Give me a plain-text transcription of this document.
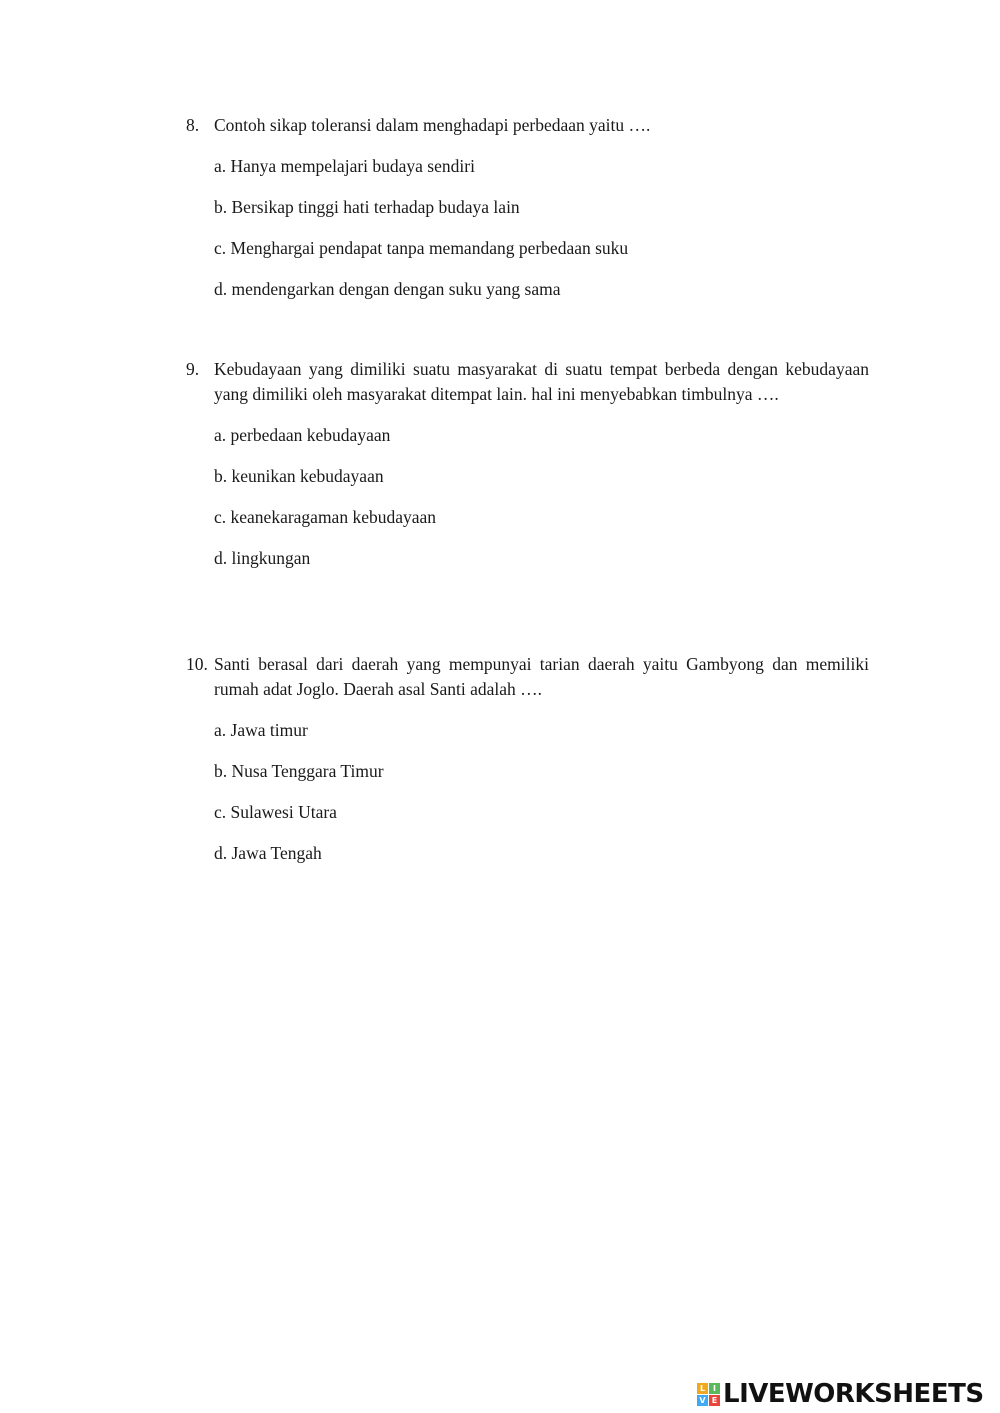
8. Contoh sikap toleransi dalam menghadapi perbedaan yaitu ….
a. Hanya mempelajari budaya sendiri
b. Bersikap tinggi hati terhadap budaya lain
c. Menghargai pendapat tanpa memandang perbedaan suku
d. mendengarkan dengan dengan suku yang sama
9. Kebudayaan yang dimiliki suatu masyarakat di suatu tempat berbeda dengan kebudayaan yang dimiliki oleh masyarakat ditempat lain. hal ini menyebabkan timbulnya ….
a. perbedaan kebudayaan
b. keunikan kebudayaan
c. keanekaragaman kebudayaan
d. lingkungan
10. Santi berasal dari daerah yang mempunyai tarian daerah yaitu Gambyong dan memiliki rumah adat Joglo. Daerah asal Santi adalah ….
a. Jawa timur
b. Nusa Tenggara Timur
c. Sulawesi Utara
d. Jawa Tengah
L I
V E LIVEWORKSHEETS
